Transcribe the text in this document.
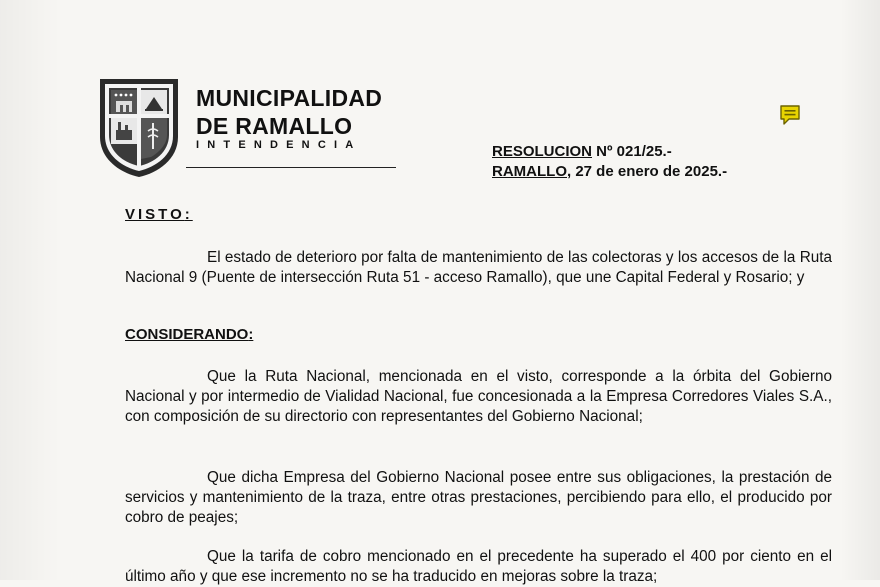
MUNICIPALIDAD
DE RAMALLO
INTENDENCIA	RESOLUCION Nº 021/25.-
RAMALLO, 27 de enero de 2025.-
VISTO:

El estado de deterioro por falta de mantenimiento de las colectoras y los accesos de la Ruta Nacional 9 (Puente de intersección Ruta 51 - acceso Ramallo), que une Capital Federal y Rosario; y

CONSIDERANDO:

Que la Ruta Nacional, mencionada en el visto, corresponde a la órbita del Gobierno Nacional y por intermedio de Vialidad Nacional, fue concesionada a la Empresa Corredores Viales S.A., con composición de su directorio con representantes del Gobierno Nacional;

Que dicha Empresa del Gobierno Nacional posee entre sus obligaciones, la prestación de servicios y mantenimiento de la traza, entre otras prestaciones, percibiendo para ello, el producido por cobro de peajes;

Que la tarifa de cobro mencionado en el precedente ha superado el 400 por ciento en el último año y que ese incremento no se ha traducido en mejoras sobre la traza;
